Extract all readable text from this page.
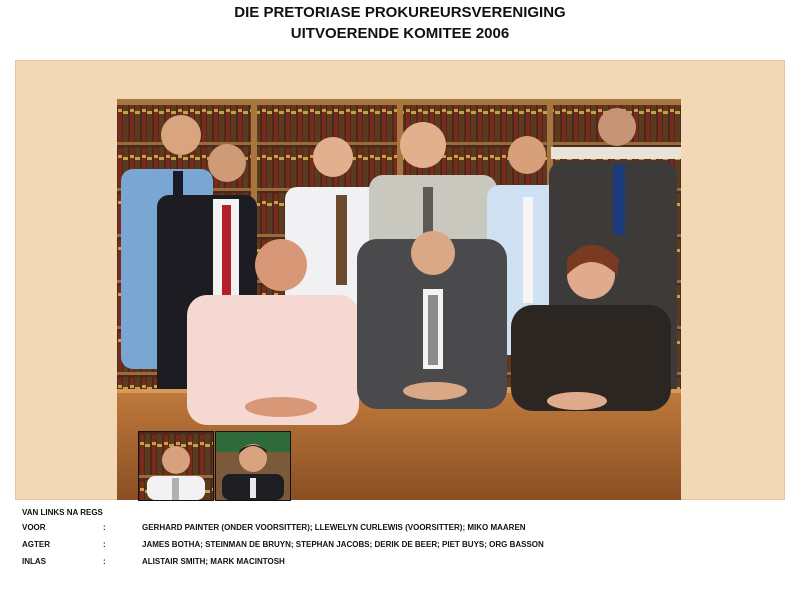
DIE PRETORIASE PROKUREURSVERENIGING
UITVOERENDE KOMITEE 2006
VAN LINKS NA REGS
VOOR	:	GERHARD PAINTER (ONDER VOORSITTER); LLEWELYN CURLEWIS (VOORSITTER); MIKO MAAREN
AGTER	:	JAMES BOTHA; STEINMAN DE BRUYN; STEPHAN JACOBS; DERIK DE BEER; PIET BUYS; ORG BASSON
INLAS	:	ALISTAIR SMITH; MARK MACINTOSH
